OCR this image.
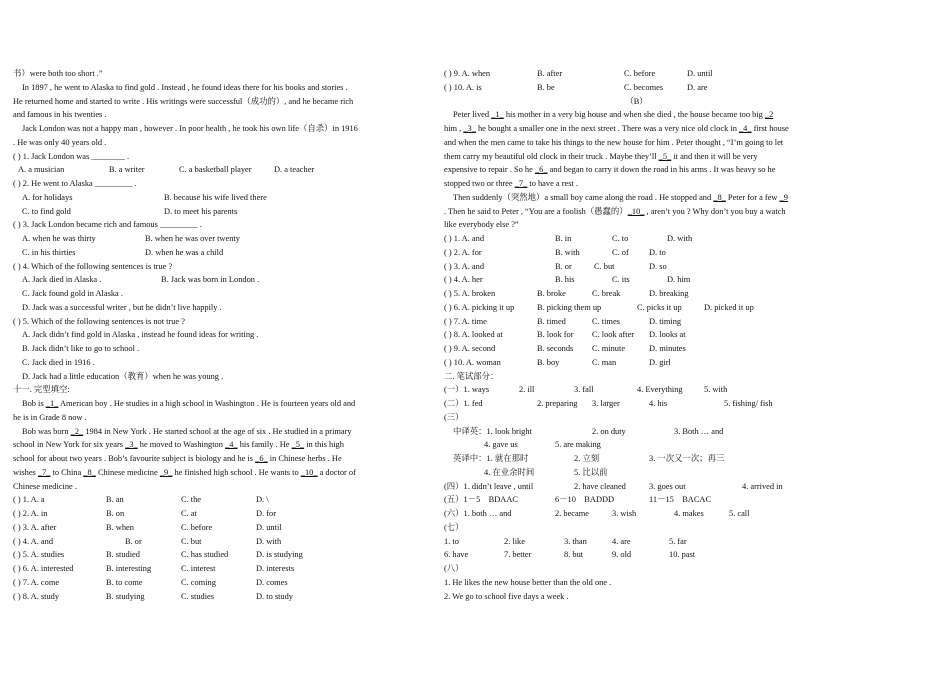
书）were both too short .”
In 1897 , he went to Alaska to find gold . Instead , he found ideas there for his books and stories .
He returned home and started to write . His writings were successful（成功的）, and he became rich
and famous in his twenties .
Jack London was not a happy man , however . In poor health , he took his own life（自杀）in 1916
. He was only 40 years old .
( ) 1. Jack London was ________ .
A. a musician	B. a writer	C. a basketball player	D. a teacher
( ) 2. He went to Alaska _________ .
A. for holidays	B. because his wife lived there
C. to find gold	D. to meet his parents
( ) 3. Jack London became rich and famous _________ .
A. when he was thirty	B. when he was over twenty
C. in his thirties	D. when he was a child
( ) 4. Which of the following sentences is true ?
A. Jack died in Alaska .	B. Jack was born in London .
C. Jack found gold in Alaska .
D. Jack was a successful writer , but he didn’t live happily .
( ) 5. Which of the following sentences is not true ?
A. Jack didn’t find gold in Alaska , instead he found ideas for writing .
B. Jack didn’t like to go to school .
C. Jack died in 1916 .
D. Jack had a little education（教育）when he was young .
十一. 完型填空:
Bob is _1_ American boy . He studies in a high school in Washington . He is fourteen years old and
he is in Grade 8 now .
Bob was born _2_ 1984 in New York . He started school at the age of six . He studied in a primary
school in New York for six years _3_ he moved to Washington _4_ his family . He _5_ in this high
school for about two years . Bob’s favourite subject is biology and he is _6_ in Chinese herbs . He
wishes _7_ to China _8_ Chinese medicine _9_ he finished high school . He wants to _10_ a doctor of
Chinese medicine .
( ) 1. A. a	B. an	C. the	D. \
( ) 2. A. in	B. on	C. at	D. for
( ) 3. A. after	B. when	C. before	D. until
( ) 4. A. and	B. or	C. but	D. with
( ) 5. A. studies	B. studied	C. has studied	D. is studying
( ) 6. A. interested	B. interesting	C. interest	D. interests
( ) 7. A. come	B. to come	C. coming	D. comes
( ) 8. A. study	B. studying	C. studies	D. to study
( ) 9. A. when	B. after	C. before	D. until
( ) 10. A. is	B. be	C. becomes	D. are
（B）
Peter lived _1_ his mother in a very big house and when she died , the house became too big _2
him , _3_ he bought a smaller one in the next street . There was a very nice old clock in _4_ first house
and when the men came to take his things to the new house for him . Peter thought , “I’m going to let
them carry my beautiful old clock in their truck . Maybe they’ll _5_ it and then it will be very
expensive to repair . So he _6_ and began to carry it down the road in his arms . It was heavy so he
stopped two or three _7_ to have a rest .
Then suddenly（突然地）a small boy came along the road . He stopped and _8_ Peter for a few _9
. Then he said to Peter , “You are a foolish（愚蠢的）_10_ , aren’t you ? Why don’t you buy a watch
like everybody else ?”
( ) 1. A. and	B. in	C. to	D. with
( ) 2. A. for	B. with	C. of D. to
( ) 3. A. and	B. or	C. but	D. so
( ) 4. A. her	B. his	C. its	D. him
( ) 5. A. broken	B. broke	C. break	D. breaking
( ) 6. A. picking it up	B. picking them up	C. picks it up	D. picked it up
( ) 7. A. time	B. timed	C. times	D. timing
( ) 8. A. looked at	B. look for C. look after D. looks at
( ) 9. A. second	B. seconds C. minute	D. minutes
( ) 10. A. woman	B. boy	C. man	D. girl
二. 笔试部分：
(一）1. ways	2. ill	3. fall	4. Everything	5. with
(二）1. fed	2. preparing 3. larger	4. his	5. fishing/ fish
(三）
中译英：1. look bright	2. on duty	3. Both … and
4. gave us	5. are making
英译中：1. 就在那时	2. 立刻	3. 一次又一次；再三
4. 在业余时间	5. 比以前
(四）1. didn’t leave , until	2. have cleaned	3. goes out	4. arrived in
(五）1－5　BDAAC	6－10　BADDD	11－15　BACAC
(六）1. both … and	2. became	3. wish	4. makes	5. call
(七）
1. to	2. like	3. than	4. are	5. far
6. have	7. better	8. but	9. old	10. past
(八）
1. He likes the new house better than the old one .
2. We go to school five days a week .
